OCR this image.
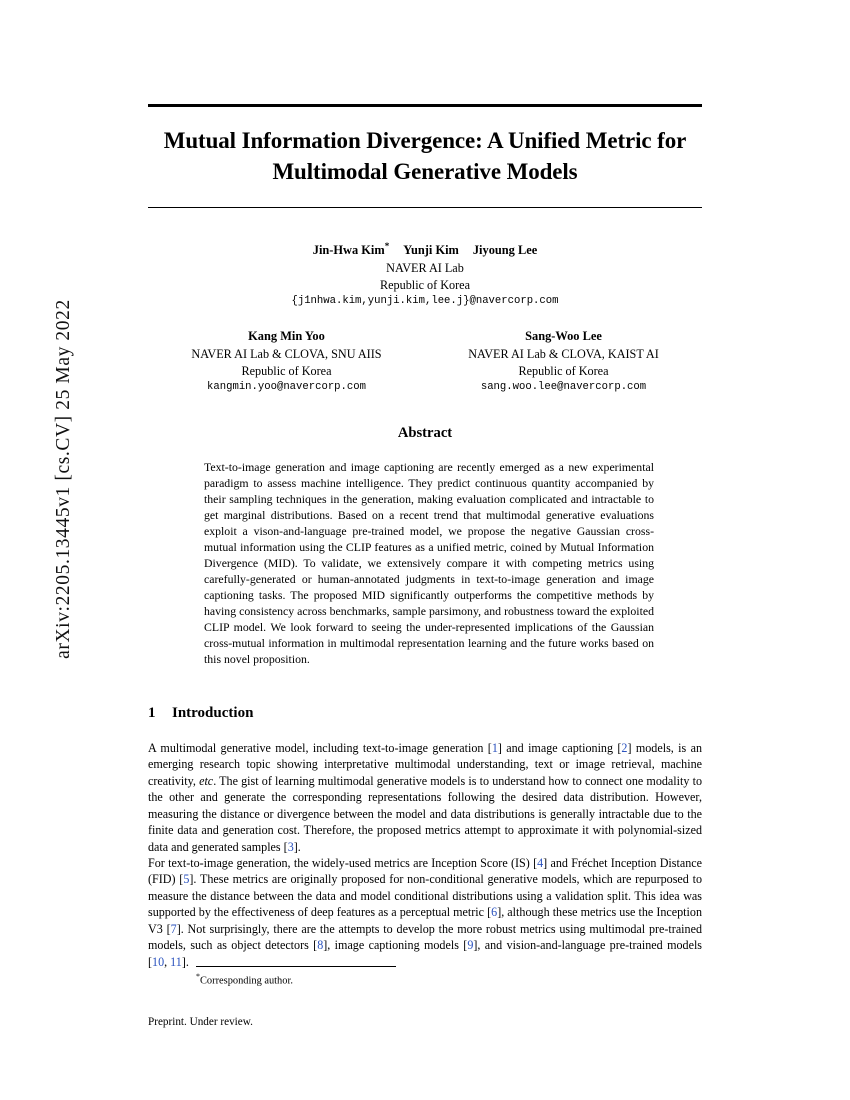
arXiv:2205.13445v1 [cs.CV] 25 May 2022
Mutual Information Divergence: A Unified Metric for Multimodal Generative Models
Jin-Hwa Kim* Yunji Kim Jiyoung Lee
NAVER AI Lab
Republic of Korea
{j1nhwa.kim,yunji.kim,lee.j}@navercorp.com
Kang Min Yoo
NAVER AI Lab & CLOVA, SNU AIIS
Republic of Korea
kangmin.yoo@navercorp.com
Sang-Woo Lee
NAVER AI Lab & CLOVA, KAIST AI
Republic of Korea
sang.woo.lee@navercorp.com
Abstract
Text-to-image generation and image captioning are recently emerged as a new experimental paradigm to assess machine intelligence. They predict continuous quantity accompanied by their sampling techniques in the generation, making evaluation complicated and intractable to get marginal distributions. Based on a recent trend that multimodal generative evaluations exploit a vison-and-language pre-trained model, we propose the negative Gaussian cross-mutual information using the CLIP features as a unified metric, coined by Mutual Information Divergence (MID). To validate, we extensively compare it with competing metrics using carefully-generated or human-annotated judgments in text-to-image generation and image captioning tasks. The proposed MID significantly outperforms the competitive methods by having consistency across benchmarks, sample parsimony, and robustness toward the exploited CLIP model. We look forward to seeing the under-represented implications of the Gaussian cross-mutual information in multimodal representation learning and the future works based on this novel proposition.
1 Introduction
A multimodal generative model, including text-to-image generation [1] and image captioning [2] models, is an emerging research topic showing interpretative multimodal understanding, text or image retrieval, machine creativity, etc. The gist of learning multimodal generative models is to understand how to connect one modality to the other and generate the corresponding representations following the desired data distribution. However, measuring the distance or divergence between the model and data distributions is generally intractable due to the finite data and generation cost. Therefore, the proposed metrics attempt to approximate it with polynomial-sized data and generated samples [3].
For text-to-image generation, the widely-used metrics are Inception Score (IS) [4] and Fréchet Inception Distance (FID) [5]. These metrics are originally proposed for non-conditional generative models, which are repurposed to measure the distance between the data and model conditional distributions using a validation split. This idea was supported by the effectiveness of deep features as a perceptual metric [6], although these metrics use the Inception V3 [7]. Not surprisingly, there are the attempts to develop the more robust metrics using multimodal pre-trained models, such as object detectors [8], image captioning models [9], and vision-and-language pre-trained models [10, 11].
*Corresponding author.
Preprint. Under review.
